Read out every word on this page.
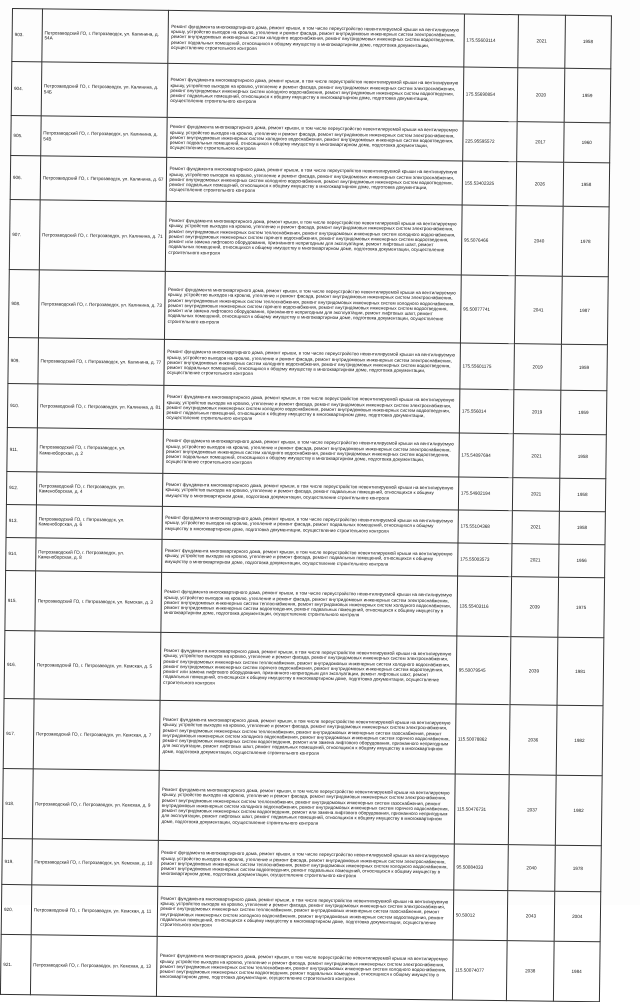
903.	Петрозаводский ГО, г. Петрозаводск, ул. Калинина, д. 54А	Ремонт фундамента многоквартирного дома, ремонт крыши, в том числе переустройство невентилируемой крыши на вентилируемую крышу, устройство выходов на кровлю, утепление и ремонт фасада, ремонт внутридомовых инженерных систем электроснабжения, ремонт внутридомовых инженерных систем холодного водоснабжения, ремонт внутридомовых инженерных систем водоотведения, ремонт подвальных помещений, относящихся к общему имуществу в многоквартирном доме, подготовка документации, осуществление строительного контроля	175.55603114	2021	1958
904.	Петрозаводский ГО, г. Петрозаводск, ул. Калинина, д. 54Б	Ремонт фундамента многоквартирного дома, ремонт крыши, в том числе переустройство невентилируемой крыши на вентилируемую крышу, устройство выходов на кровлю, утепление и ремонт фасада, ремонт внутридомовых инженерных систем электроснабжения, ремонт внутридомовых инженерных систем холодного водоснабжения, ремонт внутридомовых инженерных систем водоотведения, ремонт подвальных помещений, относящихся к общему имуществу в многоквартирном доме, подготовка документации, осуществление строительного контроля	175.55690854	2020	1959
905.	Петрозаводский ГО, г. Петрозаводск, ул. Калинина, д. 54В	Ремонт фундамента многоквартирного дома, ремонт крыши, в том числе переустройство невентилируемой крыши на вентилируемую крышу, устройство выходов на кровлю, утепление и ремонт фасада, ремонт внутридомовых инженерных систем электроснабжения, ремонт внутридомовых инженерных систем холодного водоснабжения, ремонт внутридомовых инженерных систем водоотведения, ремонт подвальных помещений, относящихся к общему имуществу в многоквартирном доме, подготовка документации, осуществление строительного контроля	225.95595572	2017	1960
906.	Петрозаводский ГО, г. Петрозаводск, ул. Калинина, д. 67	Ремонт фундамента многоквартирного дома, ремонт крыши, в том числе переустройство невентилируемой крыши на вентилируемую крышу, устройство выходов на кровлю, утепление и ремонт фасада, ремонт внутридомовых инженерных систем электроснабжения, ремонт внутридомовых инженерных систем холодного водоснабжения, ремонт внутридомовых инженерных систем водоотведения, ремонт подвальных помещений, относящихся к общему имуществу в многоквартирном доме, подготовка документации, осуществление строительного контроля	155.53402325	2026	1958
907.	Петрозаводский ГО, г. Петрозаводск, ул. Калинина, д. 71	Ремонт фундамента многоквартирного дома, ремонт крыши, в том числе переустройство невентилируемой крыши на вентилируемую крышу, устройство выходов на кровлю, утепление и ремонт фасада, ремонт внутридомовых инженерных систем электроснабжения, ремонт внутридомовых инженерных систем теплоснабжения, ремонт внутридомовых инженерных систем холодного водоснабжения, ремонт внутридомовых инженерных систем горячего водоснабжения, ремонт внутридомовых инженерных систем водоотведения, ремонт или замена лифтового оборудования, признанного непригодным для эксплуатации, ремонт лифтовых шахт, ремонт подвальных помещений, относящихся к общему имуществу в многоквартирном доме, подготовка документации, осуществление строительного контроля	95.5076466	2040	1978
908.	Петрозаводский ГО, г. Петрозаводск, ул. Калинина, д. 73	Ремонт фундамента многоквартирного дома, ремонт крыши, в том числе переустройство невентилируемой крыши на вентилируемую крышу, устройство выходов на кровлю, утепление и ремонт фасада, ремонт внутридомовых инженерных систем электроснабжения, ремонт внутридомовых инженерных систем теплоснабжения, ремонт внутридомовых инженерных систем холодного водоснабжения, ремонт внутридомовых инженерных систем горячего водоснабжения, ремонт внутридомовых инженерных систем водоотведения, ремонт или замена лифтового оборудования, признанного непригодным для эксплуатации, ремонт лифтовых шахт, ремонт подвальных помещений, относящихся к общему имуществу в многоквартирном доме, подготовка документации, осуществление строительного контроля	95.50077741	2041	1987
909.	Петрозаводский ГО, г. Петрозаводск, ул. Калинина, д. 77	Ремонт фундамента многоквартирного дома, ремонт крыши, в том числе переустройство невентилируемой крыши на вентилируемую крышу, устройство выходов на кровлю, утепление и ремонт фасада, ремонт внутридомовых инженерных систем электроснабжения, ремонт внутридомовых инженерных систем холодного водоснабжения, ремонт внутридомовых инженерных систем водоотведения, ремонт подвальных помещений, относящихся к общему имуществу в многоквартирном доме, подготовка документации, осуществление строительного контроля	175.55601175	2019	1959
910.	Петрозаводский ГО, г. Петрозаводск, ул. Калинина, д. 81	Ремонт фундамента многоквартирного дома, ремонт крыши, в том числе переустройство невентилируемой крыши на вентилируемую крышу, устройство выходов на кровлю, утепление и ремонт фасада, ремонт внутридомовых инженерных систем электроснабжения, ремонт внутридомовых инженерных систем холодного водоснабжения, ремонт внутридомовых инженерных систем водоотведения, ремонт подвальных помещений, относящихся к общему имуществу в многоквартирном доме, подготовка документации, осуществление строительного контроля	175.556014	2019	1959
911.	Петрозаводский ГО, г. Петрозаводск, ул. Каменоборская, д. 2	Ремонт фундамента многоквартирного дома, ремонт крыши, в том числе переустройство невентилируемой крыши на вентилируемую крышу, устройство выходов на кровлю, утепление и ремонт фасада, ремонт внутридомовых инженерных систем электроснабжения, ремонт внутридомовых инженерных систем холодного водоснабжения, ремонт внутридомовых инженерных систем водоотведения, ремонт подвальных помещений, относящихся к общему имуществу в многоквартирном доме, подготовка документации, осуществление строительного контроля	175.54897694	2021	1958
912.	Петрозаводский ГО, г. Петрозаводск, ул. Каменоборская, д. 4	Ремонт фундамента многоквартирного дома, ремонт крыши, в том числе переустройство невентилируемой крыши на вентилируемую крышу, устройство выходов на кровлю, утепление и ремонт фасада, ремонт подвальных помещений, относящихся к общему имуществу в многоквартирном доме, подготовка документации, осуществление строительного контроля	175.54902194	2021	1958
913.	Петрозаводский ГО, г. Петрозаводск, ул. Каменоборская, д. 6	Ремонт фундамента многоквартирного дома, ремонт крыши, в том числе переустройство невентилируемой крыши на вентилируемую крышу, устройство выходов на кровлю, утепление и ремонт фасада, ремонт подвальных помещений, относящихся к общему имуществу в многоквартирном доме, подготовка документации, осуществление строительного контроля	175.55104368	2021	1958
914.	Петрозаводский ГО, г. Петрозаводск, ул. Каменоборская, д. 8	Ремонт фундамента многоквартирного дома, ремонт крыши, в том числе переустройство невентилируемой крыши на вентилируемую крышу, устройство выходов на кровлю, утепление и ремонт фасада, ремонт подвальных помещений, относящихся к общему имуществу в многоквартирном доме, подготовка документации, осуществление строительного контроля	175.55003573	2021	1956
915.	Петрозаводский ГО, г. Петрозаводск, ул. Кемская, д. 3	Ремонт фундамента многоквартирного дома, ремонт крыши, в том числе переустройство невентилируемой крыши на вентилируемую крышу, устройство выходов на кровлю, утепление и ремонт фасада, ремонт внутридомовых инженерных систем электроснабжения, ремонт внутридомовых инженерных систем теплоснабжения, ремонт внутридомовых инженерных систем холодного водоснабжения, ремонт внутридомовых инженерных систем водоотведения, ремонт подвальных помещений, относящихся к общему имуществу в многоквартирном доме, подготовка документации, осуществление строительного контроля	135.55403116	2039	1975
916.	Петрозаводский ГО, г. Петрозаводск, ул. Кемская, д. 5	Ремонт фундамента многоквартирного дома, ремонт крыши, в том числе переустройство невентилируемой крыши на вентилируемую крышу, устройство выходов на кровлю, утепление и ремонт фасада, ремонт внутридомовых инженерных систем электроснабжения, ремонт внутридомовых инженерных систем теплоснабжения, ремонт внутридомовых инженерных систем холодного водоснабжения, ремонт внутридомовых инженерных систем горячего водоснабжения, ремонт внутридомовых инженерных систем водоотведения, ремонт или замена лифтового оборудования, признанного непригодным для эксплуатации, ремонт лифтовых шахт, ремонт подвальных помещений, относящихся к общему имуществу в многоквартирном доме, подготовка документации, осуществление строительного контроля	95.50079545	2039	1981
917.	Петрозаводский ГО, г. Петрозаводск, ул. Кемская, д. 7	Ремонт фундамента многоквартирного дома, ремонт крыши, в том числе переустройство невентилируемой крыши на вентилируемую крышу, устройство выходов на кровлю, утепление и ремонт фасада, ремонт внутридомовых инженерных систем электроснабжения, ремонт внутридомовых инженерных систем теплоснабжения, ремонт внутридомовых инженерных систем газоснабжения, ремонт внутридомовых инженерных систем холодного водоснабжения, ремонт внутридомовых инженерных систем горячего водоснабжения, ремонт внутридомовых инженерных систем водоотведения, ремонт или замена лифтового оборудования, признанного непригодным для эксплуатации, ремонт лифтовых шахт, ремонт подвальных помещений, относящихся к общему имуществу в многоквартирном доме, подготовка документации, осуществление строительного контроля	115.50078862	2036	1982
918.	Петрозаводский ГО, г. Петрозаводск, ул. Кемская, д. 9	Ремонт фундамента многоквартирного дома, ремонт крыши, в том числе переустройство невентилируемой крыши на вентилируемую крышу, устройство выходов на кровлю, утепление и ремонт фасада, ремонт внутридомовых инженерных систем электроснабжения, ремонт внутридомовых инженерных систем теплоснабжения, ремонт внутридомовых инженерных систем газоснабжения, ремонт внутридомовых инженерных систем холодного водоснабжения, ремонт внутридомовых инженерных систем горячего водоснабжения, ремонт внутридомовых инженерных систем водоотведения, ремонт или замена лифтового оборудования, признанного непригодным для эксплуатации, ремонт лифтовых шахт, ремонт подвальных помещений, относящихся к общему имуществу в многоквартирном доме, подготовка документации, осуществление строительного контроля	115.50476731	2037	1982
919.	Петрозаводский ГО, г. Петрозаводск, ул. Кемская, д. 10	Ремонт фундамента многоквартирного дома, ремонт крыши, в том числе переустройство невентилируемой крыши на вентилируемую крышу, устройство выходов на кровлю, утепление и ремонт фасада, ремонт внутридомовых инженерных систем электроснабжения, ремонт внутридомовых инженерных систем теплоснабжения, ремонт внутридомовых инженерных систем холодного водоснабжения, ремонт внутридомовых инженерных систем водоотведения, ремонт подвальных помещений, относящихся к общему имуществу в многоквартирном доме, подготовка документации, осуществление строительного контроля	95.50084033	2040	1978
920.	Петрозаводский ГО, г. Петрозаводск, ул. Кемская, д. 11	Ремонт фундамента многоквартирного дома, ремонт крыши, в том числе переустройство невентилируемой крыши на вентилируемую крышу, устройство выходов на кровлю, утепление и ремонт фасада, ремонт внутридомовых инженерных систем электроснабжения, ремонт внутридомовых инженерных систем теплоснабжения, ремонт внутридомовых инженерных систем газоснабжения, ремонт внутридомовых инженерных систем холодного водоснабжения, ремонт внутридомовых инженерных систем водоотведения, ремонт подвальных помещений, относящихся к общему имуществу в многоквартирном доме, подготовка документации, осуществление строительного контроля	50.50012	2043	2004
921.	Петрозаводский ГО, г. Петрозаводск, ул. Кемская, д. 13	Ремонт фундамента многоквартирного дома, ремонт крыши, в том числе переустройство невентилируемой крыши на вентилируемую крышу, устройство выходов на кровлю, утепление и ремонт фасада, ремонт внутридомовых инженерных систем электроснабжения, ремонт внутридомовых инженерных систем теплоснабжения, ремонт внутридомовых инженерных систем холодного водоснабжения, ремонт внутридомовых инженерных систем водоотведения, ремонт подвальных помещений, относящихся к общему имуществу в многоквартирном доме, подготовка документации, осуществление строительного контроля	115.50074077	2038	1984
